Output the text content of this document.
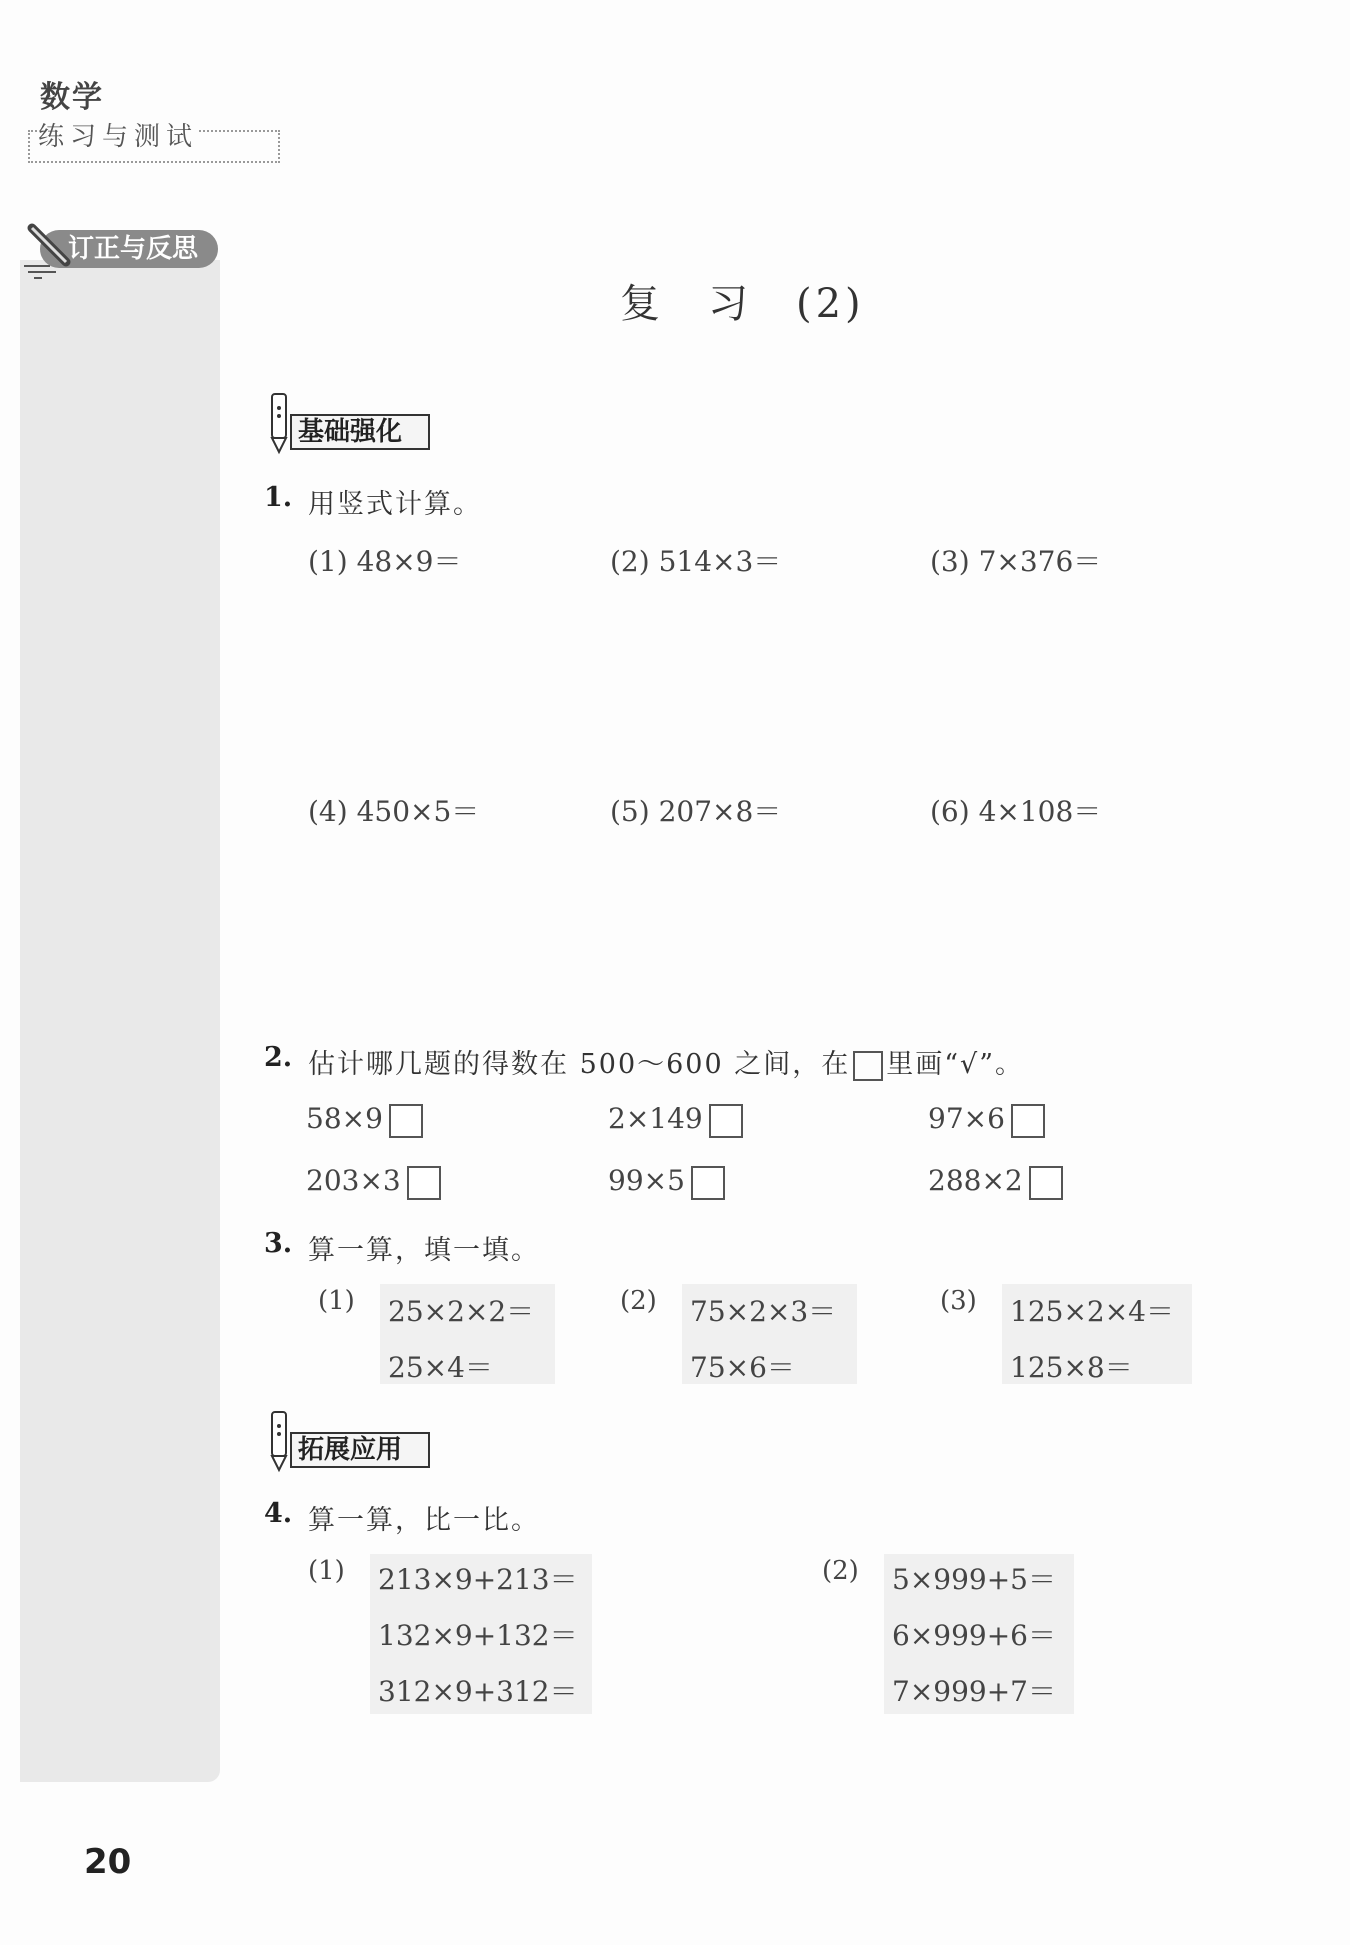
数学
练习与测试
订正与反思
复　习　(2)
基础强化
1. 用竖式计算。
(1) 48×9＝	(2) 514×3＝	(3) 7×376＝
(4) 450×5＝	(5) 207×8＝	(6) 4×108＝
2. 估计哪几题的得数在 500～600 之间，在 里画“√”。
58×9	2×149	97×6
203×3	99×5	288×2
3. 算一算，填一填。
(1) 25×2×2＝
25×4＝
(2) 75×2×3＝
75×6＝
(3) 125×2×4＝
125×8＝
拓展应用
4. 算一算，比一比。
(1) 213×9+213＝
132×9+132＝
312×9+312＝
(2) 5×999+5＝
6×999+6＝
7×999+7＝
20
